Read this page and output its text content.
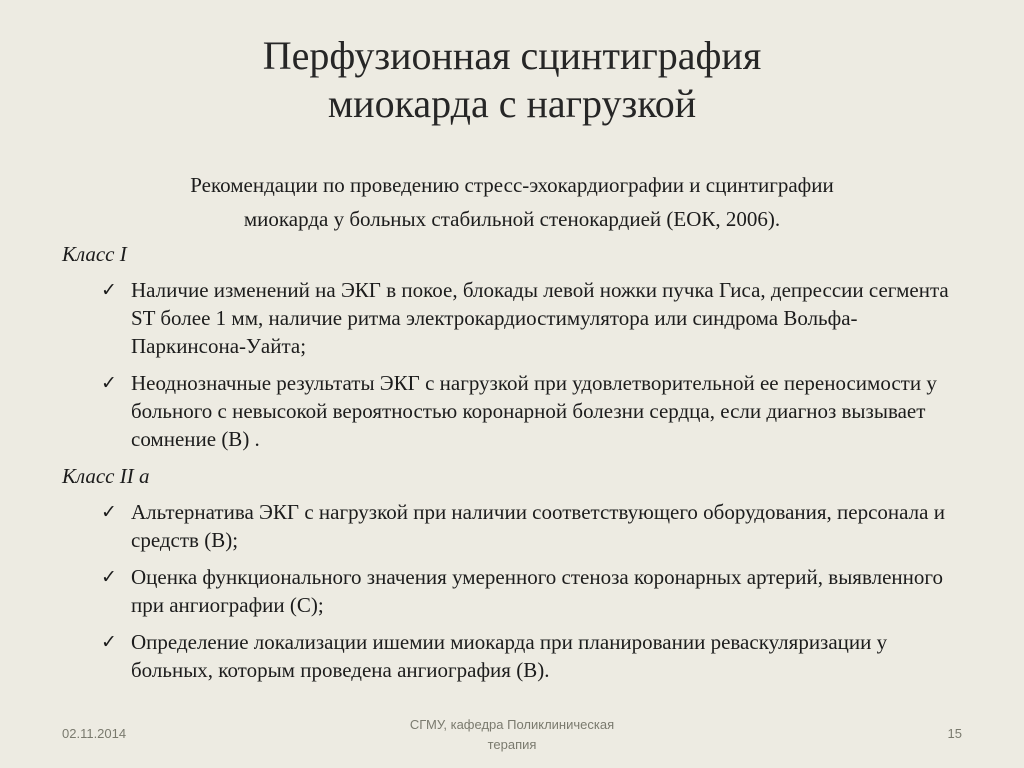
Перфузионная сцинтиграфия
миокарда с нагрузкой
Рекомендации по проведению стресс-эхокардиографии и сцинтиграфии
миокарда у больных стабильной стенокардией (ЕОК, 2006).
Класс I
✓ Наличие изменений на ЭКГ в покое, блокады левой ножки пучка Гиса, депрессии сегмента ST более 1 мм, наличие ритма электрокардиостимулятора или синдрома Вольфа-Паркинсона-Уайта;
✓ Неоднозначные результаты ЭКГ с нагрузкой при удовлетворительной ее переносимости у больного с невысокой вероятностью коронарной болезни сердца, если диагноз вызывает сомнение (В) .
Класс II а
✓ Альтернатива ЭКГ с нагрузкой при наличии соответствующего оборудования, персонала и средств (В);
✓ Оценка функционального значения умеренного стеноза коронарных артерий, выявленного при ангиографии (С);
✓ Определение локализации ишемии миокарда при планировании реваскуляризации у больных, которым проведена ангиография (В).
02.11.2014
СГМУ, кафедра Поликлиническая
терапия
15
